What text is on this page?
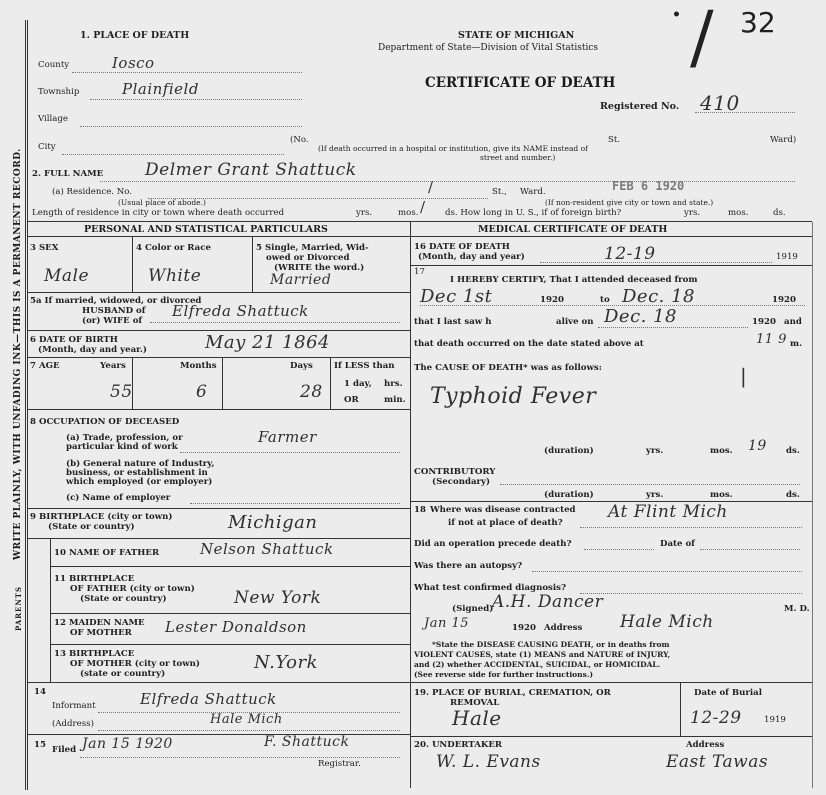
WRITE PLAINLY, WITH UNFADING INK—THIS IS A PERMANENT RECORD.
PARENTS
1. PLACE OF DEATH	STATE OF MICHIGAN
Department of State—Division of Vital Statistics
CERTIFICATE OF DEATH
Registered No. 410
32
/
•
County	Iosco
Township	Plainfield
Village
City
(No.	St.	Ward)
(If death occurred in a hospital or institution, give its NAME instead of
street and number.)
2. FULL NAME Delmer Grant Shattuck
(a) Residence. No.	/	St., Ward.	FEB 6 1920
(Usual place of abode.)	(If non-resident give city or town and state.)
Length of residence in city or town where death occurred	yrs.	mos. / ds. How long in U. S., if of foreign birth?	yrs.	mos.	ds.
PERSONAL AND STATISTICAL PARTICULARS	MEDICAL CERTIFICATE OF DEATH
3 SEX
Male
4 Color or Race
White
5 Single, Married, Wid-
owed or Divorced
(WRITE the word.)
Married
5a If married, widowed, or divorced
HUSBAND of
(or) WIFE of
Elfreda Shattuck
6 DATE OF BIRTH
(Month, day and year.)	May 21 1864
7 AGE	Years	Months	Days
55	6	28
If LESS than
1 day, hrs.
OR	min.
8 OCCUPATION OF DECEASED
(a) Trade, profession, or
particular kind of work
Farmer
(b) General nature of Industry,
business, or establishment in
which employed (or employer)
(c) Name of employer
9 BIRTHPLACE (city or town)
(State or country)	Michigan
10 NAME OF FATHER	Nelson Shattuck
11 BIRTHPLACE
OF FATHER (city or town)
(State or country)	New York
12 MAIDEN NAME
OF MOTHER Lester Donaldson
13 BIRTHPLACE
OF MOTHER (city or town)
(state or country)
N.York
14
Informant	Elfreda Shattuck
(Address)	Hale Mich
15 Filed Jan 15 1920	F. Shattuck
Registrar.
16 DATE OF DEATH
(Month, day and year)	12-19	1919
17
I HEREBY CERTIFY, That I attended deceased from
Dec 1st	1920	to Dec. 18	1920
that I last saw h	alive on Dec. 18	1920 and
that death occurred on the date stated above at	11 9 m.
The CAUSE OF DEATH* was as follows:
Typhoid Fever
|
(duration)	yrs.	mos. 19 ds.
CONTRIBUTORY
(Secondary)
(duration)	yrs.	mos.	ds.
18 Where was disease contracted
if not at place of death?
At Flint Mich
Did an operation precede death?	Date of
Was there an autopsy?
What test confirmed diagnosis?
(Signed)
A.H. Dancer	M. D.
Jan 15	1920 Address Hale Mich
*State the DISEASE CAUSING DEATH, or in deaths from
VIOLENT CAUSES, state (1) MEANS and NATURE of INJURY,
and (2) whether ACCIDENTAL, SUICIDAL, or HOMICIDAL.
(See reverse side for further instructions.)
19. PLACE OF BURIAL, CREMATION, OR
REMOVAL
Hale
Date of Burial
12-29	1919
20. UNDERTAKER
W. L. Evans
Address
East Tawas
